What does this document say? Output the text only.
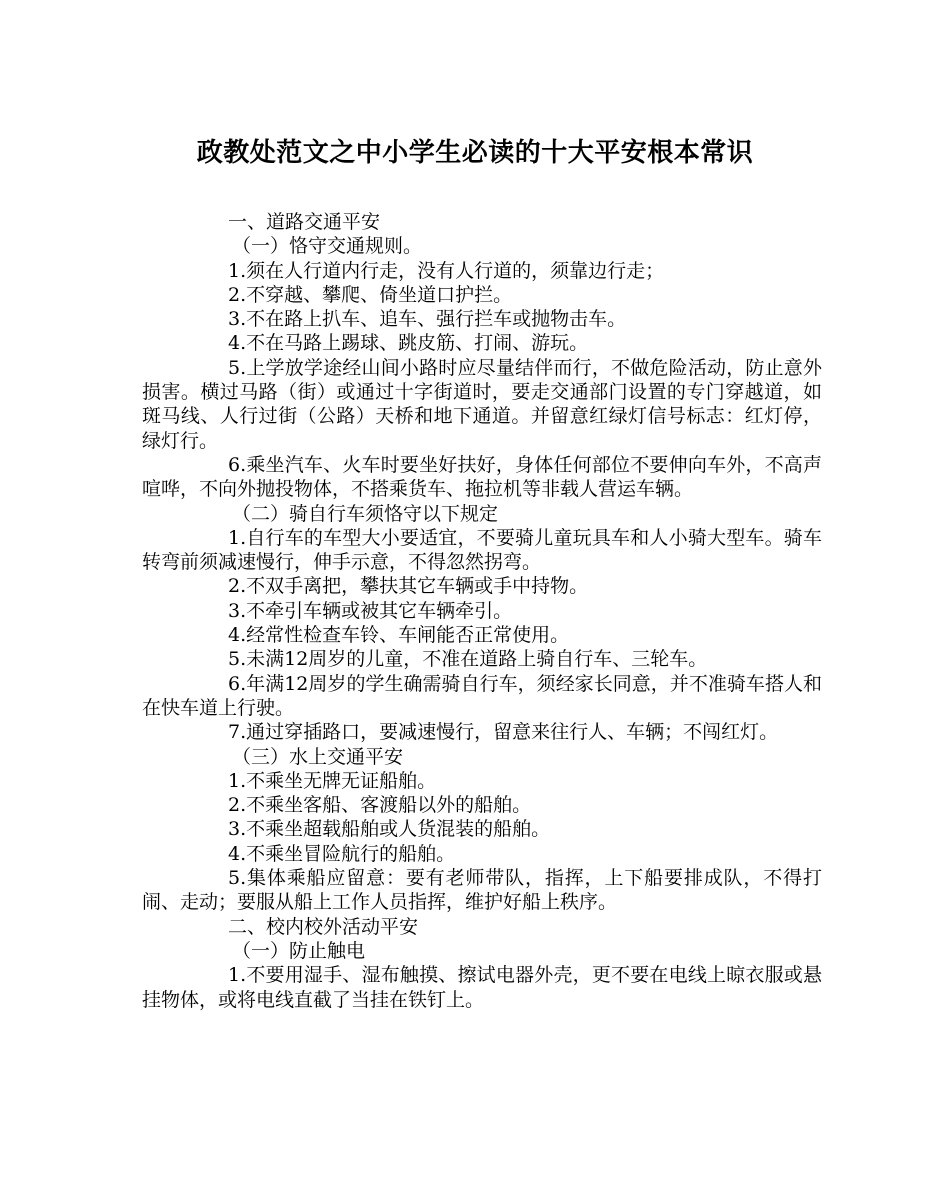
政教处范文之中小学生必读的十大平安根本常识

一、道路交通平安

（一）恪守交通规则。

1.须在人行道内行走，没有人行道的，须靠边行走；

2.不穿越、攀爬、倚坐道口护拦。

3.不在路上扒车、追车、强行拦车或抛物击车。

4.不在马路上踢球、跳皮筋、打闹、游玩。

5.上学放学途经山间小路时应尽量结伴而行，不做危险活动，防止意外损害。横过马路（街）或通过十字街道时，要走交通部门设置的专门穿越道，如斑马线、人行过街（公路）天桥和地下通道。并留意红绿灯信号标志：红灯停，绿灯行。

6.乘坐汽车、火车时要坐好扶好，身体任何部位不要伸向车外，不高声喧哗，不向外抛投物体，不搭乘货车、拖拉机等非载人营运车辆。

（二）骑自行车须恪守以下规定

1.自行车的车型大小要适宜，不要骑儿童玩具车和人小骑大型车。骑车转弯前须减速慢行，伸手示意，不得忽然拐弯。

2.不双手离把，攀扶其它车辆或手中持物。

3.不牵引车辆或被其它车辆牵引。

4.经常性检查车铃、车闸能否正常使用。

5.未满12周岁的儿童，不准在道路上骑自行车、三轮车。

6.年满12周岁的学生确需骑自行车，须经家长同意，并不准骑车搭人和在快车道上行驶。

7.通过穿插路口，要减速慢行，留意来往行人、车辆；不闯红灯。

（三）水上交通平安

1.不乘坐无牌无证船舶。

2.不乘坐客船、客渡船以外的船舶。

3.不乘坐超载船舶或人货混装的船舶。

4.不乘坐冒险航行的船舶。

5.集体乘船应留意：要有老师带队，指挥，上下船要排成队，不得打闹、走动；要服从船上工作人员指挥，维护好船上秩序。

二、校内校外活动平安

（一）防止触电

1.不要用湿手、湿布触摸、擦试电器外壳，更不要在电线上晾衣服或悬挂物体，或将电线直截了当挂在铁钉上。
